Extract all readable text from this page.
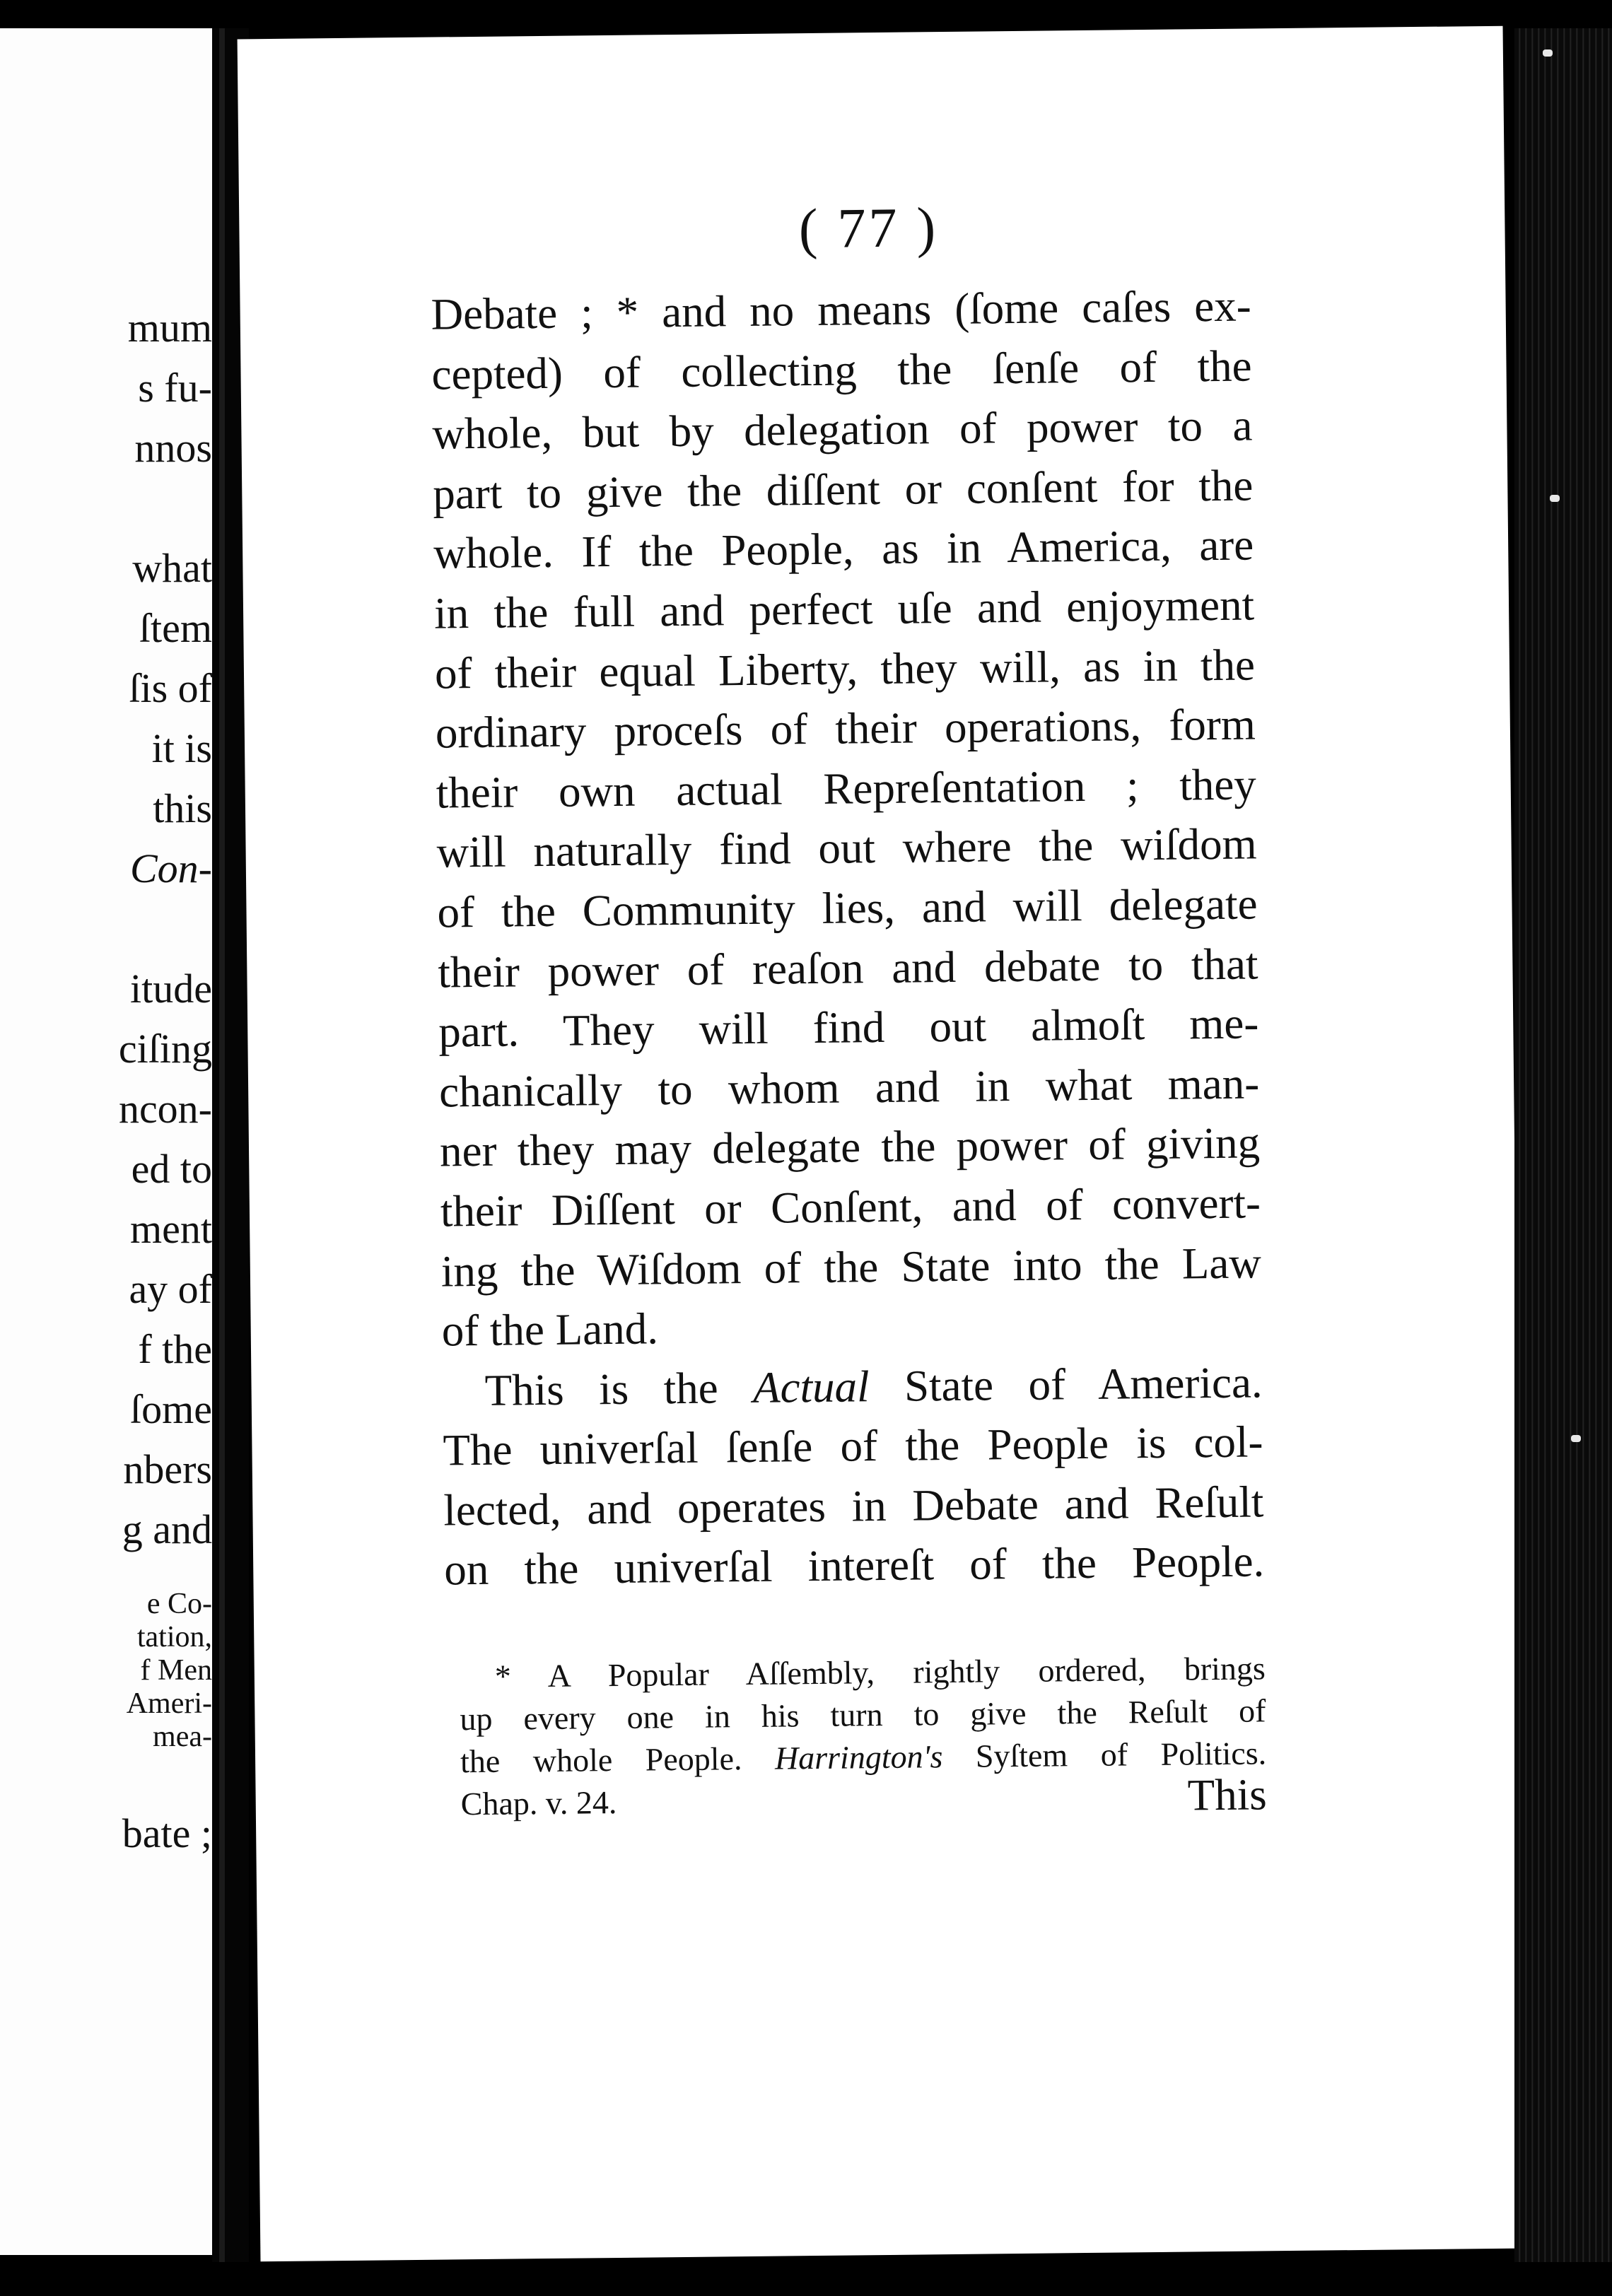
mum
s fu-
nnos
what
ſtem
ſis of
it is
this
Con-
itude
ciſing
ncon-
ed to
ment
ay of
f the
ſome
nbers
g and
e Co-
tation,
f Men
Ameri-
mea-
bate ;
( 77 )
Debate ; * and no means (ſome caſes ex-
cepted) of collecting the ſenſe of the
whole, but by delegation of power to a
part to give the diſſent or conſent for the
whole. If the People, as in America, are
in the full and perfect uſe and enjoyment
of their equal Liberty, they will, as in the
ordinary proceſs of their operations, form
their own actual Repreſentation ; they
will naturally find out where the wiſdom
of the Community lies, and will delegate
their power of reaſon and debate to that
part. They will find out almoſt me-
chanically to whom and in what man-
ner they may delegate the power of giving
their Diſſent or Conſent, and of convert-
ing the Wiſdom of the State into the Law
of the Land.
This is the Actual State of America.
The univerſal ſenſe of the People is col-
lected, and operates in Debate and Reſult
on the univerſal intereſt of the People.
* A Popular Aſſembly, rightly ordered, brings
up every one in his turn to give the Reſult of
the whole People. Harrington's Syſtem of Politics.
Chap. v. 24.	This
